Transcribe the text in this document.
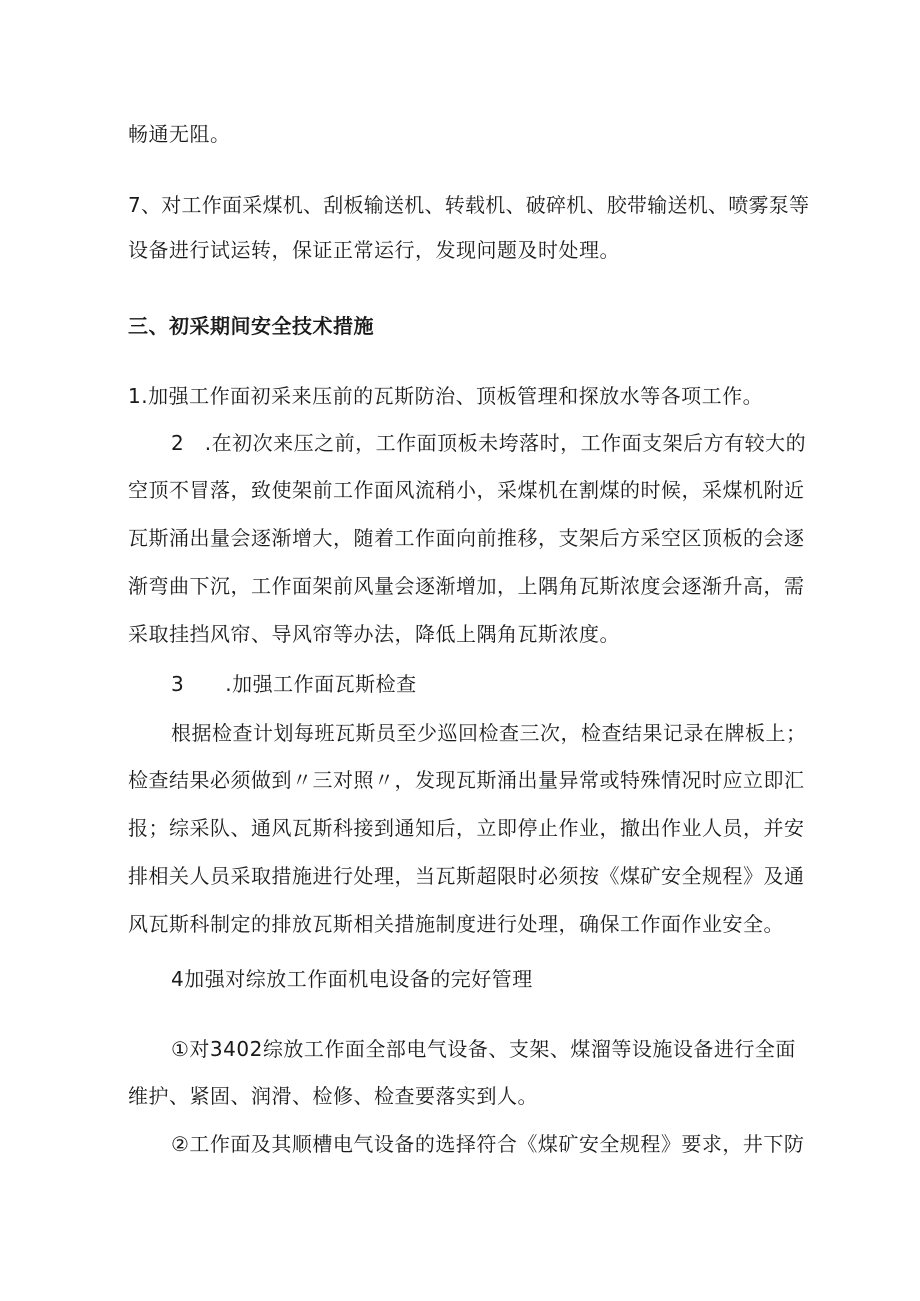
畅通无阻。
7、对工作面采煤机、刮板输送机、转载机、破碎机、胶带输送机、喷雾泵等
设备进行试运转，保证正常运行，发现问题及时处理。
三、初采期间安全技术措施
1.加强工作面初采来压前的瓦斯防治、顶板管理和探放水等各项工作。
2　.在初次来压之前，工作面顶板未垮落时，工作面支架后方有较大的
空顶不冒落，致使架前工作面风流稍小，采煤机在割煤的时候，采煤机附近
瓦斯涌出量会逐渐增大，随着工作面向前推移，支架后方采空区顶板的会逐
渐弯曲下沉，工作面架前风量会逐渐增加，上隅角瓦斯浓度会逐渐升高，需
采取挂挡风帘、导风帘等办法，降低上隅角瓦斯浓度。
3　　.加强工作面瓦斯检查
根据检查计划每班瓦斯员至少巡回检查三次，检查结果记录在牌板上；
检查结果必须做到〃三对照〃，发现瓦斯涌出量异常或特殊情况时应立即汇
报；综采队、通风瓦斯科接到通知后，立即停止作业，撤出作业人员，并安
排相关人员采取措施进行处理，当瓦斯超限时必须按《煤矿安全规程》及通
风瓦斯科制定的排放瓦斯相关措施制度进行处理，确保工作面作业安全。
4加强对综放工作面机电设备的完好管理
①对3402综放工作面全部电气设备、支架、煤溜等设施设备进行全面
维护、紧固、润滑、检修、检查要落实到人。
②工作面及其顺槽电气设备的选择符合《煤矿安全规程》要求，井下防
